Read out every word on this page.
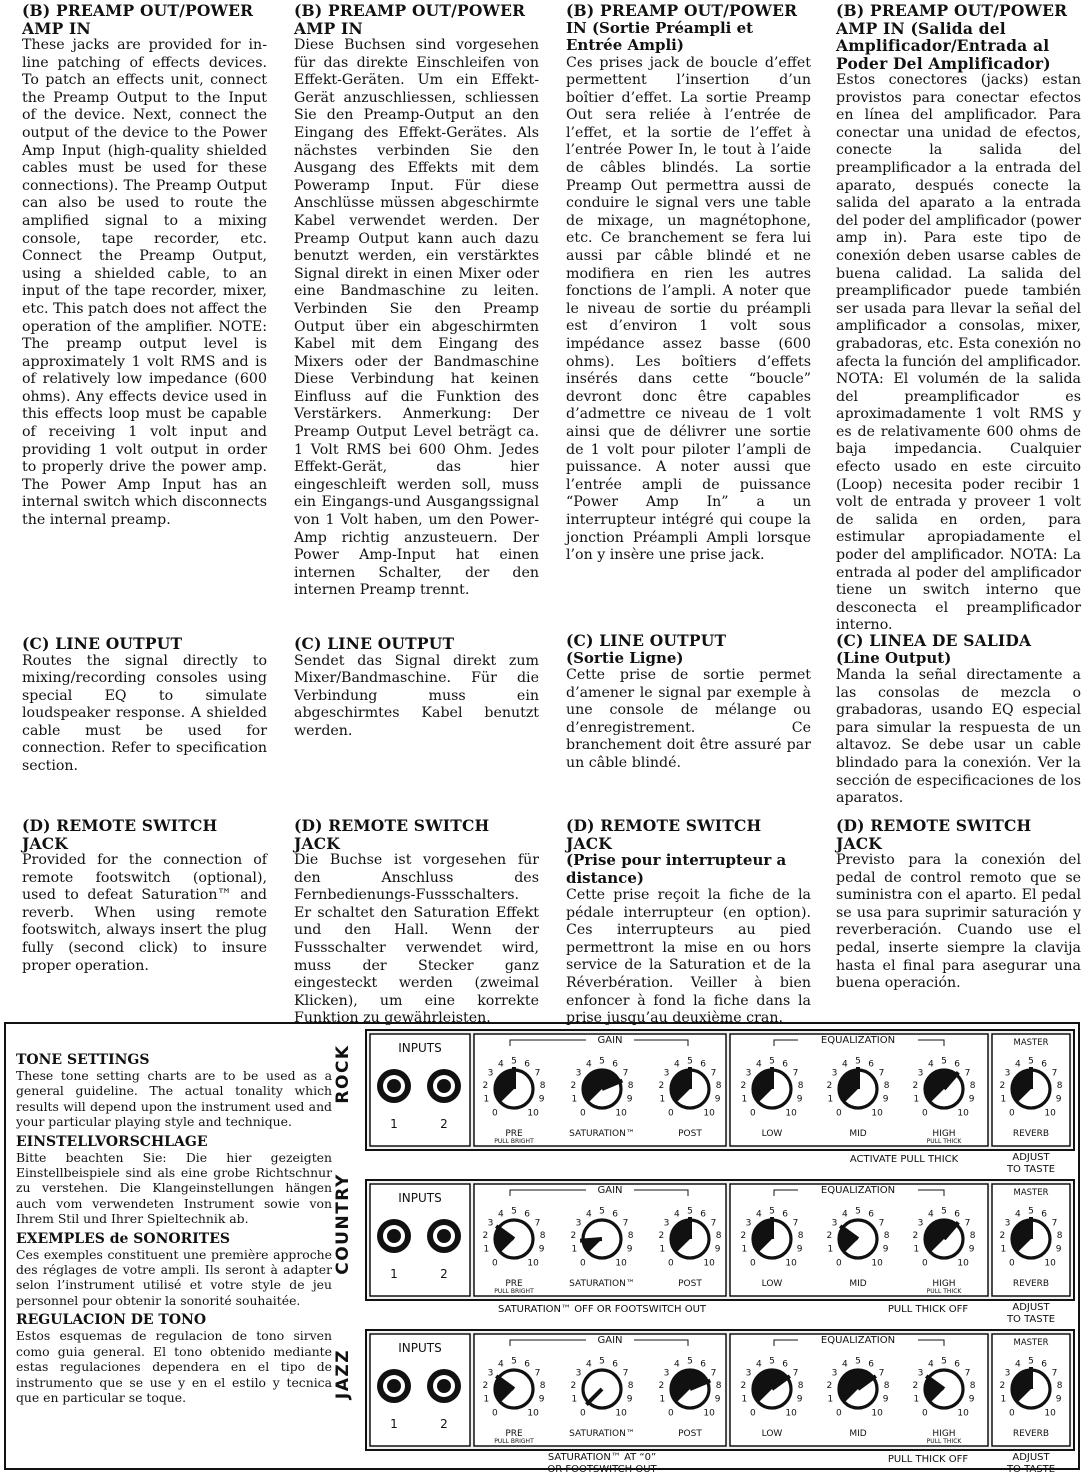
(B) PREAMP OUT/POWER AMP IN

These jacks are provided for in-line patching of effects devices. To patch an effects unit, connect the Preamp Output to the Input of the device. Next, connect the output of the device to the Power Amp Input (high-quality shielded cables must be used for these connections). The Preamp Output can also be used to route the amplified signal to a mixing console, tape recorder, etc. Connect the Preamp Output, using a shielded cable, to an input of the tape recorder, mixer, etc. This patch does not affect the operation of the amplifier. NOTE: The preamp output level is approximately 1 volt RMS and is of relatively low impedance (600 ohms). Any effects device used in this effects loop must be capable of receiving 1 volt input and providing 1 volt output in order to properly drive the power amp. The Power Amp Input has an internal switch which disconnects the internal preamp.

(C) LINE OUTPUT

Routes the signal directly to mixing/recording consoles using special EQ to simulate loudspeaker response. A shielded cable must be used for connection. Refer to specification section.

(D) REMOTE SWITCH JACK

Provided for the connection of remote footswitch (optional), used to defeat Saturation™ and reverb. When using remote footswitch, always insert the plug fully (second click) to insure proper operation.

(B) PREAMP OUT/POWER AMP IN

Diese Buchsen sind vorgesehen für das direkte Einschleifen von Effekt-Geräten. Um ein Effekt-Gerät anzuschliessen, schliessen Sie den Preamp-Output an den Eingang des Effekt-Gerätes. Als nächstes verbinden Sie den Ausgang des Effekts mit dem Poweramp Input. Für diese Anschlüsse müssen abgeschirmte Kabel verwendet werden. Der Preamp Output kann auch dazu benutzt werden, ein verstärktes Signal direkt in einen Mixer oder eine Bandmaschine zu leiten. Verbinden Sie den Preamp Output über ein abgeschirmten Kabel mit dem Eingang des Mixers oder der Bandmaschine Diese Verbindung hat keinen Einfluss auf die Funktion des Verstärkers. Anmerkung: Der Preamp Output Level beträgt ca. 1 Volt RMS bei 600 Ohm. Jedes Effekt-Gerät, das hier eingeschleift werden soll, muss ein Eingangs-und Ausgangssignal von 1 Volt haben, um den Power-Amp richtig anzusteuern. Der Power Amp-Input hat einen internen Schalter, der den internen Preamp trennt.

(C) LINE OUTPUT

Sendet das Signal direkt zum Mixer/Bandmaschine. Für die Verbindung muss ein abgeschirmtes Kabel benutzt werden.

(D) REMOTE SWITCH JACK

Die Buchse ist vorgesehen für den Anschluss des Fernbedienungs-Fussschalters. Er schaltet den Saturation Effekt und den Hall. Wenn der Fussschalter verwendet wird, muss der Stecker ganz eingesteckt werden (zweimal Klicken), um eine korrekte Funktion zu gewährleisten.

(B) PREAMP OUT/POWER
IN (Sortie Préampli et Entrée Ampli)

Ces prises jack de boucle d’effet permettent l’insertion d’un boîtier d’effet. La sortie Preamp Out sera reliée à l’entrée de l’effet, et la sortie de l’effet à l’entrée Power In, le tout à l’aide de câbles blindés. La sortie Preamp Out permettra aussi de conduire le signal vers une table de mixage, un magnétophone, etc. Ce branchement se fera lui aussi par câble blindé et ne modifiera en rien les autres fonctions de l’ampli. A noter que le niveau de sortie du préampli est d’environ 1 volt sous impédance assez basse (600 ohms). Les boîtiers d’effets insérés dans cette “boucle” devront donc être capables d’admettre ce niveau de 1 volt ainsi que de délivrer une sortie de 1 volt pour piloter l’ampli de puissance. A noter aussi que l’entrée ampli de puissance “Power Amp In” a un interrupteur intégré qui coupe la jonction Préampli Ampli lorsque l’on y insère une prise jack.

(C) LINE OUTPUT
(Sortie Ligne)

Cette prise de sortie permet d’amener le signal par exemple à une console de mélange ou d’enregistrement. Ce branchement doit être assuré par un câble blindé.

(D) REMOTE SWITCH JACK
(Prise pour interrupteur a distance)

Cette prise reçoit la fiche de la pédale interrupteur (en option). Ces interrupteurs au pied permettront la mise en ou hors service de la Saturation et de la Réverbération. Veiller à bien enfoncer à fond la fiche dans la prise jusqu’au deuxième cran.

(B) PREAMP OUT/POWER AMP IN (Salida del Amplificador/Entrada al Poder Del Amplificador)

Estos conectores (jacks) estan provistos para conectar efectos en línea del amplificador. Para conectar una unidad de efectos, conecte la salida del preamplificador a la entrada del aparato, después conecte la salida del aparato a la entrada del poder del amplificador (power amp in). Para este tipo de conexión deben usarse cables de buena calidad. La salida del preamplificador puede también ser usada para llevar la señal del amplificador a consolas, mixer, grabadoras, etc. Esta conexión no afecta la función del amplificador. NOTA: El volumén de la salida del preamplificador es aproximadamente 1 volt RMS y es de relativamente 600 ohms de baja impedancia. Cualquier efecto usado en este circuito (Loop) necesita poder recibir 1 volt de entrada y proveer 1 volt de salida en orden, para estimular apropiadamente el poder del amplificador. NOTA: La entrada al poder del amplificador tiene un switch interno que desconecta el preamplificador interno.

(C) LINEA DE SALIDA
(Line Output)

Manda la señal directamente a las consolas de mezcla o grabadoras, usando EQ especial para simular la respuesta de un altavoz. Se debe usar un cable blindado para la conexión. Ver la sección de especificaciones de los aparatos.

(D) REMOTE SWITCH JACK

Previsto para la conexión del pedal de control remoto que se suministra con el aparto. El pedal se usa para suprimir saturación y reverberación. Cuando use el pedal, inserte siempre la clavija hasta el final para asegurar una buena operación.

TONE SETTINGS

These tone setting charts are to be used as a general guideline. The actual tonality which results will depend upon the instrument used and your particular playing style and technique.

EINSTELLVORSCHLAGE

Bitte beachten Sie: Die hier gezeigten Einstellbeispiele sind als eine grobe Richtschnur zu verstehen. Die Klangeinstellungen hängen auch vom verwendeten Instrument sowie von Ihrem Stil und Ihrer Spieltechnik ab.

EXEMPLES de SONORITES

Ces exemples constituent une première approche des réglages de votre ampli. Ils seront à adapter selon l’instrument utilisé et votre style de jeu personnel pour obtenir la sonorité souhaitée.

REGULACION DE TONO

Estos esquemas de regulacion de tono sirven como guia general. El tono obtenido mediante estas regulaciones dependera en el tipo de instrumento que se use y en el estilo y tecnica que en particular se toque.

ROCK	INPUTS
1	2
GAIN
0
1
2
3
4 5 6
7
8
9
10
PRE
PULL BRIGHT
0
1
2
3
4 5 6
7
8
9
10
SATURATION™
0
1
2
3
4 5 6
7
8
9
10
POST
EQUALIZATION
0
1
2
3
4 5 6
7
8
9
10
LOW
0
1
2
3
4 5 6
7
8
9
10
MID
0
1
2
3
4 5 6
7
8
9
10
HIGH
PULL THICK
MASTER
0
1
2
3
4 5 6
7
8
9
10
REVERB
ACTIVATE PULL THICK	ADJUST
TO TASTE
COUNTRY	INPUTS
1	2
GAIN
0
1
2
3
4 5 6
7
8
9
10
PRE
PULL BRIGHT
0
1
2
3
4 5 6
7
8
9
10
SATURATION™
0
1
2
3
4 5 6
7
8
9
10
POST
EQUALIZATION
0
1
2
3
4 5 6
7
8
9
10
LOW
0
1
2
3
4 5 6
7
8
9
10
MID
0
1
2
3
4 5 6
7
8
9
10
HIGH
PULL THICK
MASTER
0
1
2
3
4 5 6
7
8
9
10
REVERB
SATURATION™ OFF OR FOOTSWITCH OUT	PULL THICK OFF	ADJUST
TO TASTE
JAZZ
INPUTS
1	2
GAIN
0
1
2
3
4 5 6
7
8
9
10
PRE
PULL BRIGHT
0
1
2
3
4 5 6
7
8
9
10
SATURATION™
0
1
2
3
4 5 6
7
8
9
10
POST
EQUALIZATION
0
1
2
3
4 5 6
7
8
9
10
LOW
0
1
2
3
4 5 6
7
8
9
10
MID
0
1
2
3
4 5 6
7
8
9
10
HIGH
PULL THICK
MASTER
0
1
2
3
4 5 6
7
8
9
10
REVERB
SATURATION™ AT “0”
OR FOOTSWITCH OUT
PULL THICK OFF	ADJUST
TO TASTE
